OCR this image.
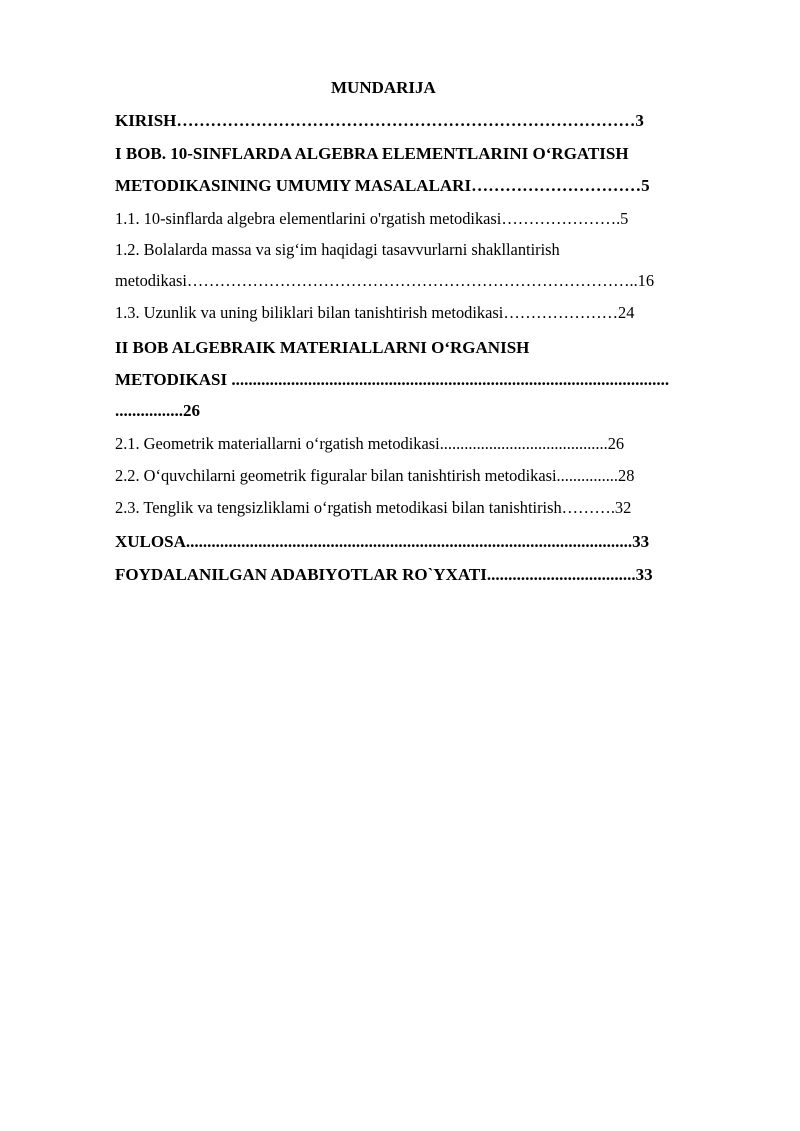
MUNDARIJA
KIRISH………………………………………………………………………3
I BOB. 10-SINFLARDA ALGEBRA ELEMENTLARINI O‘RGATISH
METODIKASINING UMUMIY MASALALARI…………………………5
1.1. 10-sinflarda algebra elementlarini o'rgatish metodikasi………………….5
1.2. Bolalarda massa va sig‘im haqidagi tasavvurlarni shakllantirish
metodikasi………………………………………………………………………..16
1.3. Uzunlik va uning biliklari bilan tanishtirish metodikasi…………………24
II BOB ALGEBRAIK MATERIALLARNI O‘RGANISH
METODIKASI .......................................................................................................
................26
2.1. Geometrik materiallarni o‘rgatish metodikasi.........................................26
2.2. O‘quvchilarni geometrik figuralar bilan tanishtirish metodikasi...............28
2.3. Tenglik va tengsizliklami o‘rgatish metodikasi bilan tanishtirish……….32
XULOSA.........................................................................................................33
FOYDALANILGAN ADABIYOTLAR RO`YXATI...................................33
